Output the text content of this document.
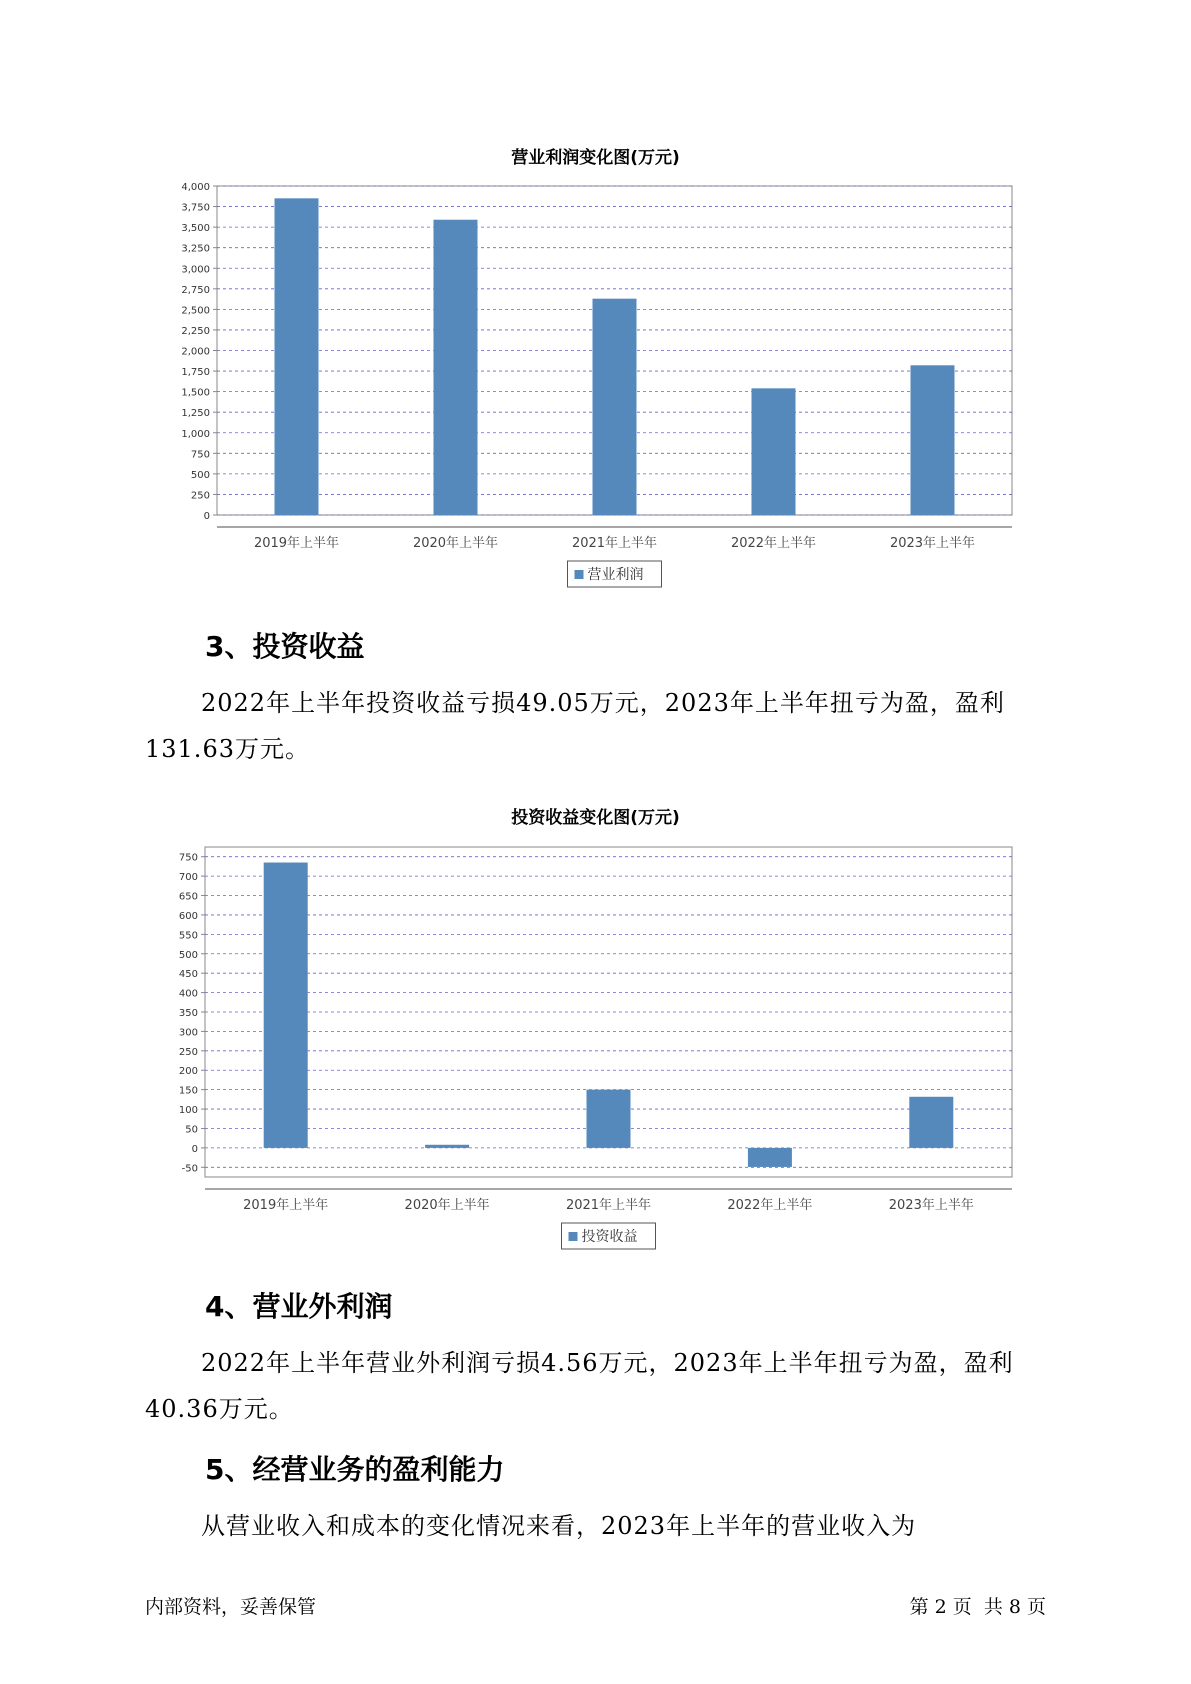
营业利润变化图(万元)
0
250
500
750
1,000
1,250
1,500
1,750
2,000
2,250
2,500
2,750
3,000
3,250
3,500
3,750
4,000
2019年上半年	2020年上半年	2021年上半年	2022年上半年	2023年上半年
营业利润
3、投资收益
2022年上半年投资收益亏损49.05万元，2023年上半年扭亏为盈，盈利131.63万元。
投资收益变化图(万元)
-50
0
50
100
150
200
250
300
350
400
450
500
550
600
650
700
750
2019年上半年	2020年上半年	2021年上半年	2022年上半年	2023年上半年
投资收益
4、营业外利润
2022年上半年营业外利润亏损4.56万元，2023年上半年扭亏为盈，盈利40.36万元。
5、经营业务的盈利能力
从营业收入和成本的变化情况来看，2023年上半年的营业收入为
内部资料，妥善保管	第 2 页  共 8 页
